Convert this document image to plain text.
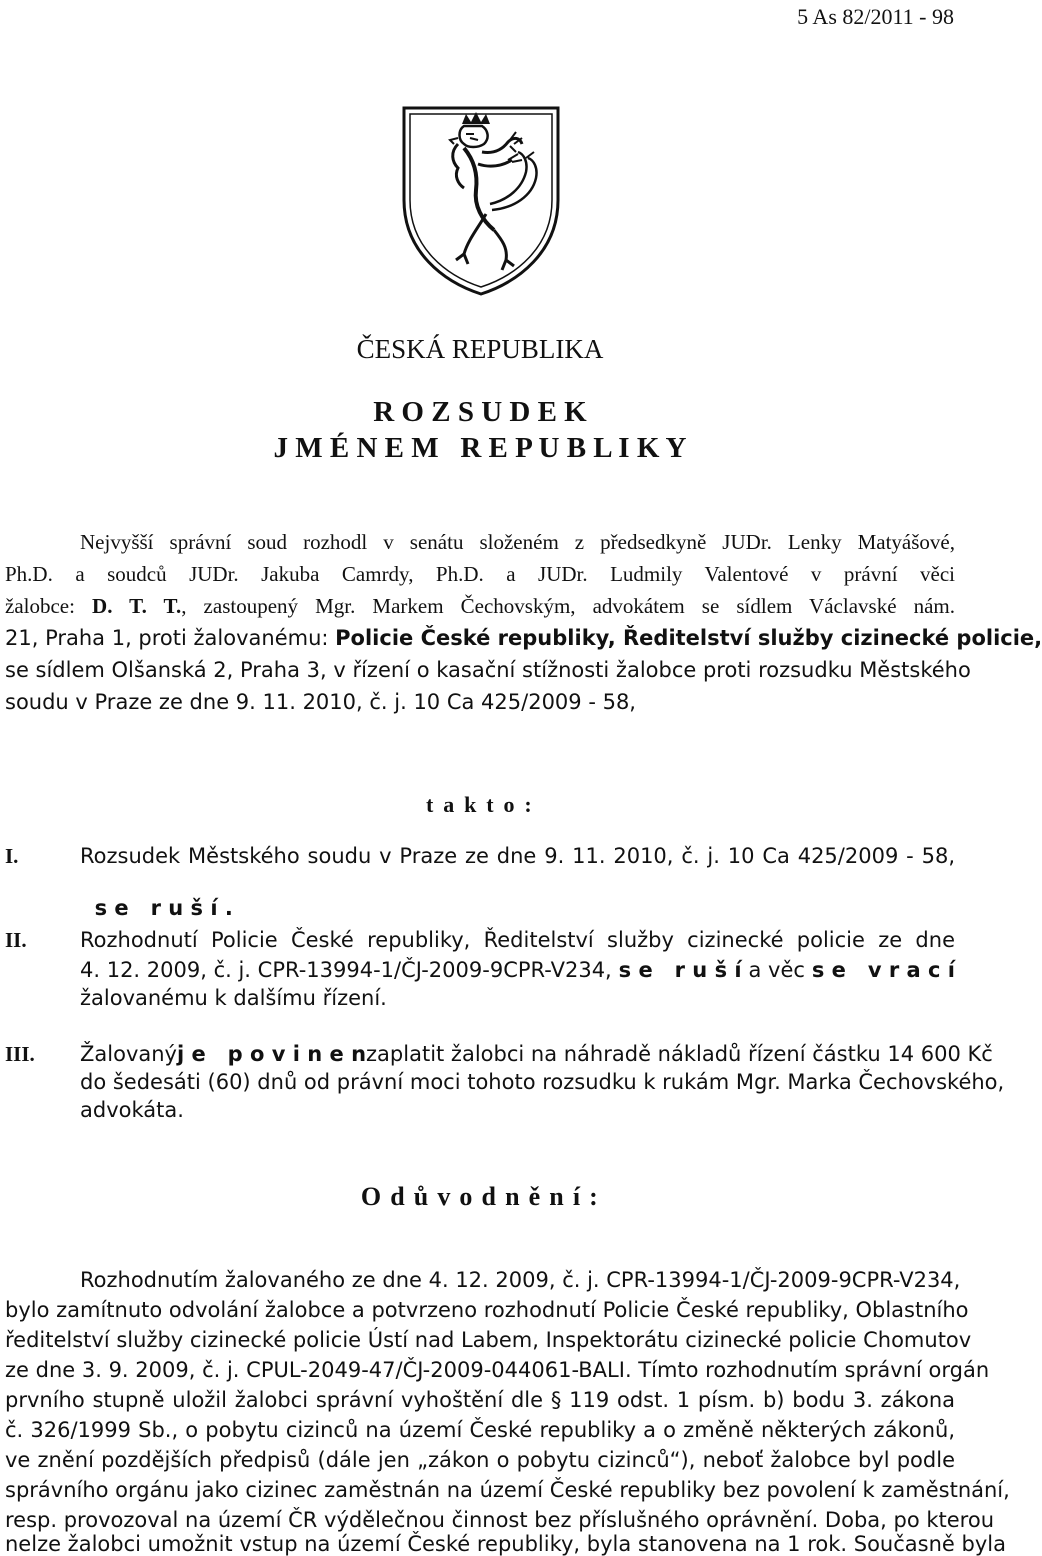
5 As 82/2011 - 98
ČESKÁ REPUBLIKA
R O Z S U D E K
J M É N E M   R E P U B L I K Y
Nejvyšší správní soud rozhodl v senátu složeném z předsedkyně JUDr. Lenky Matyášové,
Ph.D. a soudců JUDr. Jakuba Camrdy, Ph.D. a JUDr. Ludmily Valentové v právní věci
žalobce: D. T. T., zastoupený Mgr. Markem Čechovským, advokátem se sídlem Václavské nám.
21, Praha 1, proti žalovanému: Policie České republiky, Ředitelství služby cizinecké policie,
se sídlem Olšanská 2, Praha 3, v řízení o kasační stížnosti žalobce proti rozsudku Městského
soudu v Praze ze dne 9. 11. 2010, č. j. 10 Ca 425/2009 - 58,
t a k t o :
I.	Rozsudek Městského soudu v Praze ze dne 9. 11. 2010, č. j. 10 Ca 425/2009 - 58,

s e   r u š í .

II.	Rozhodnutí Policie České republiky, Ředitelství služby cizinecké policie ze dne
4. 12. 2009, č. j. CPR-13994-1/ČJ-2009-9CPR-V234, s e   r u š í a věc s e   v r a c í
žalovanému k dalšímu řízení.
III. Žalovaný j e   p o v i n e n zaplatit žalobci na náhradě nákladů řízení částku 14 600 Kč
do šedesáti (60) dnů od právní moci tohoto rozsudku k rukám Mgr. Marka Čechovského,
advokáta.
O d ů v o d n ě n í :
Rozhodnutím žalovaného ze dne 4. 12. 2009, č. j. CPR-13994-1/ČJ-2009-9CPR-V234,
bylo zamítnuto odvolání žalobce a potvrzeno rozhodnutí Policie České republiky, Oblastního
ředitelství služby cizinecké policie Ústí nad Labem, Inspektorátu cizinecké policie Chomutov
ze dne 3. 9. 2009, č. j. CPUL-2049-47/ČJ-2009-044061-BALI. Tímto rozhodnutím správní orgán
prvního stupně uložil žalobci správní vyhoštění dle § 119 odst. 1 písm. b) bodu 3. zákona
č. 326/1999 Sb., o pobytu cizinců na území České republiky a o změně některých zákonů,
ve znění pozdějších předpisů (dále jen „zákon o pobytu cizinců“), neboť žalobce byl podle
správního orgánu jako cizinec zaměstnán na území České republiky bez povolení k zaměstnání,
resp. provozoval na území ČR výdělečnou činnost bez příslušného oprávnění. Doba, po kterou
nelze žalobci umožnit vstup na území České republiky, byla stanovena na 1 rok. Současně byla
